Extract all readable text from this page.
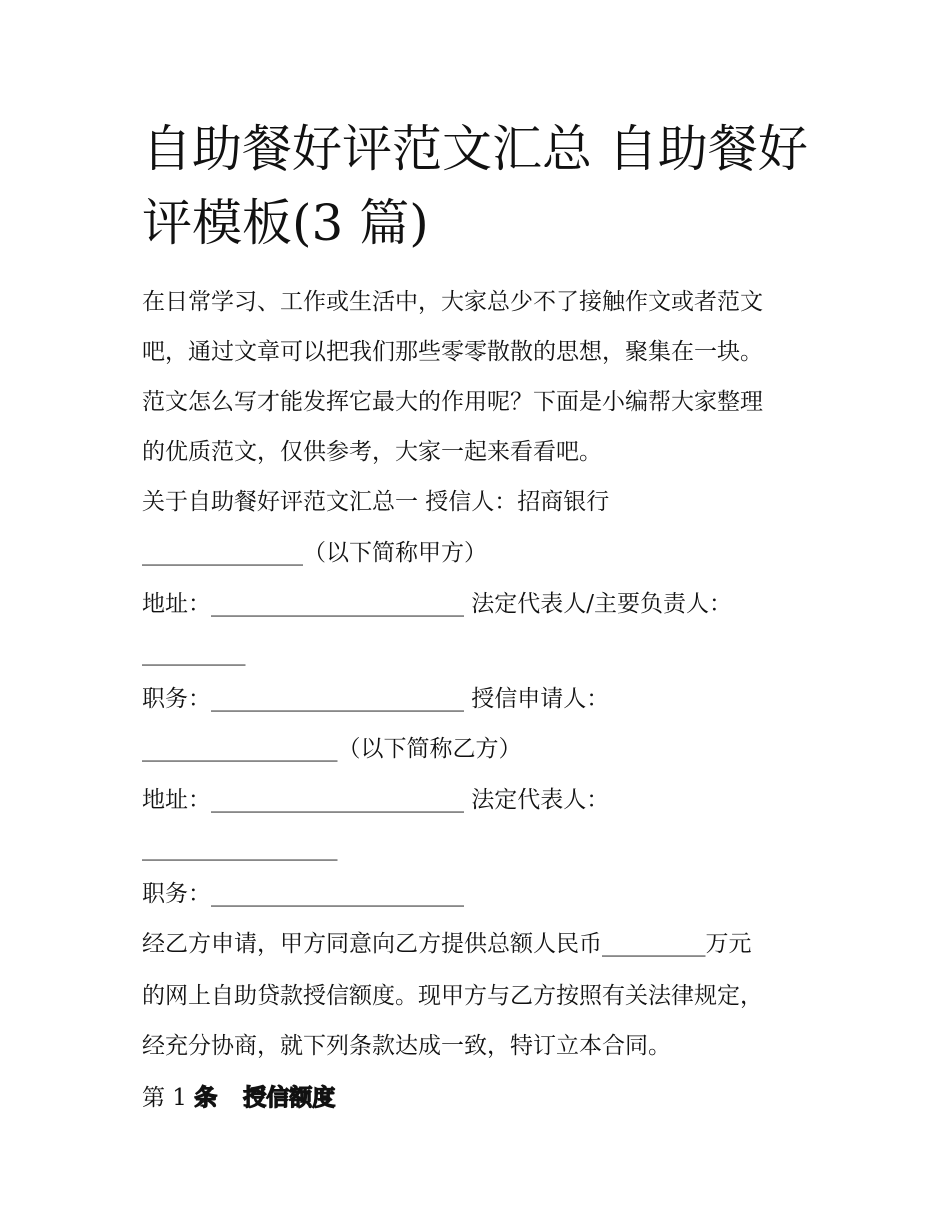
自助餐好评范文汇总 自助餐好评模板(3 篇)

在日常学习、工作或生活中，大家总少不了接触作文或者范文

吧，通过文章可以把我们那些零零散散的思想，聚集在一块。

范文怎么写才能发挥它最大的作用呢？下面是小编帮大家整理

的优质范文，仅供参考，大家一起来看看吧。

关于自助餐好评范文汇总一 授信人：招商银行

______________（以下简称甲方）

地址：______________________ 法定代表人/主要负责人：

_________

职务：______________________ 授信申请人：

_________________（以下简称乙方）

地址：______________________ 法定代表人：

_________________

职务：______________________

经乙方申请，甲方同意向乙方提供总额人民币_________万元

的网上自助贷款授信额度。现甲方与乙方按照有关法律规定，

经充分协商，就下列条款达成一致，特订立本合同。

第 1 条 授信额度
